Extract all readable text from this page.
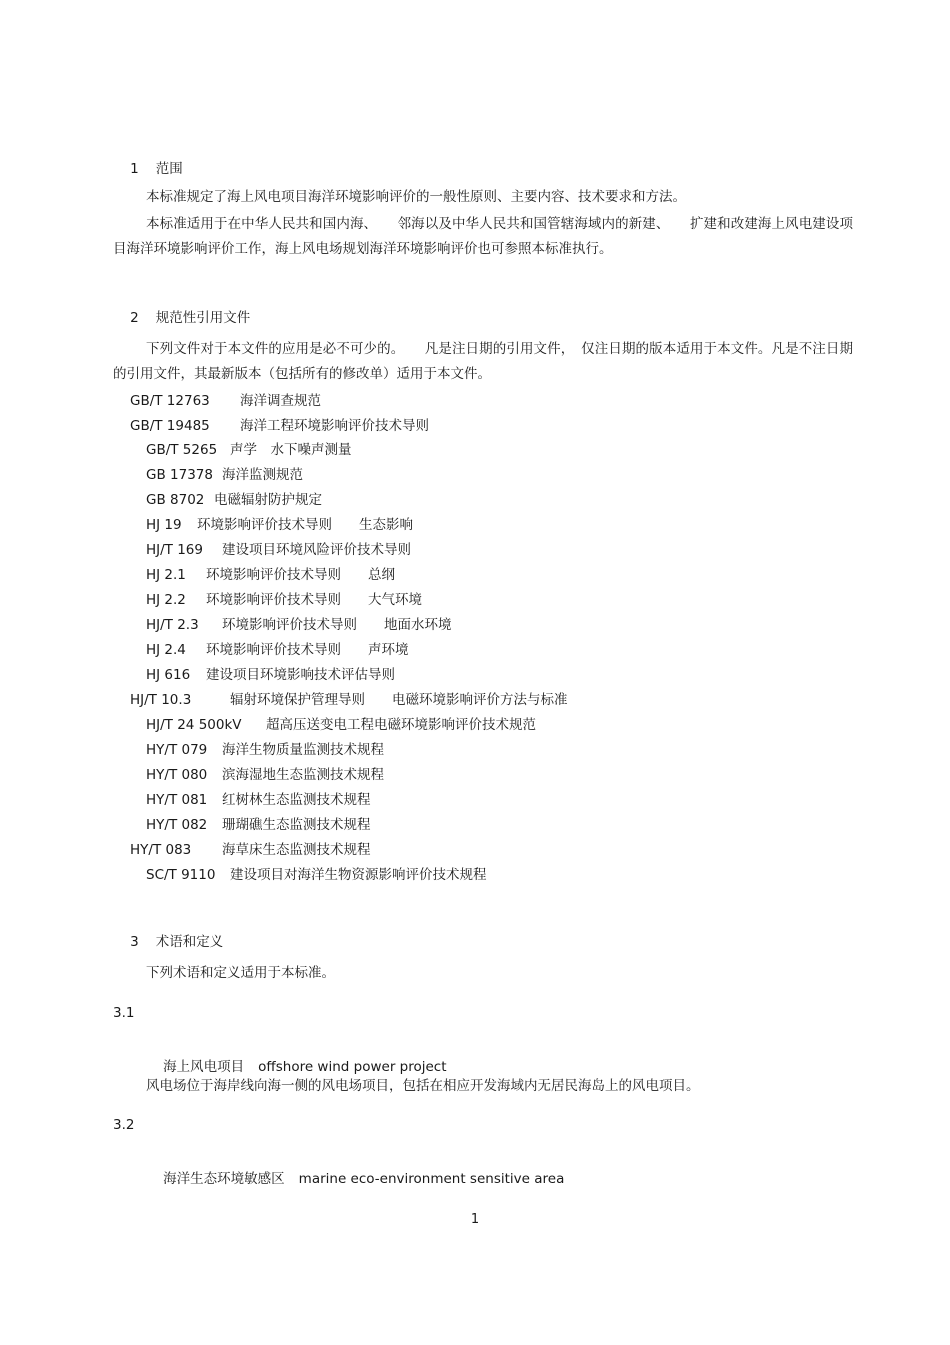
1 范围

本标准规定了海上风电项目海洋环境影响评价的一般性原则、主要内容、技术要求和方法。
本标准适用于在中华人民共和国内海、　　邻海以及中华人民共和国管辖海域内的新建、　　扩建和改建海上风电建设项目海洋环境影响评价工作，海上风电场规划海洋环境影响评价也可参照本标准执行。

2 规范性引用文件

下列文件对于本文件的应用是必不可少的。　　凡是注日期的引用文件，　仅注日期的版本适用于本文件。凡是不注日期的引用文件，其最新版本（包括所有的修改单）适用于本文件。
GB/T 12763 海洋调查规范
GB/T 19485 海洋工程环境影响评价技术导则
GB/T 5265 声学　水下噪声测量
GB 17378 海洋监测规范
GB 8702 电磁辐射防护规定
HJ 19 环境影响评价技术导则　　生态影响
HJ/T 169 建设项目环境风险评价技术导则
HJ 2.1 环境影响评价技术导则　　总纲
HJ 2.2 环境影响评价技术导则　　大气环境
HJ/T 2.3 环境影响评价技术导则　　地面水环境
HJ 2.4 环境影响评价技术导则　　声环境
HJ 616 建设项目环境影响技术评估导则
HJ/T 10.3	辐射环境保护管理导则　　电磁环境影响评价方法与标准
HJ/T 24 500kV 超高压送变电工程电磁环境影响评价技术规范
HY/T 079 海洋生物质量监测技术规程
HY/T 080 滨海湿地生态监测技术规程
HY/T 081 红树林生态监测技术规程
HY/T 082 珊瑚礁生态监测技术规程
HY/T 083 海草床生态监测技术规程
SC/T 9110 建设项目对海洋生物资源影响评价技术规程

3 术语和定义

下列术语和定义适用于本标准。
3.1

海上风电项目 offshore wind power project

风电场位于海岸线向海一侧的风电场项目，包括在相应开发海域内无居民海岛上的风电项目。
3.2

海洋生态环境敏感区 marine eco-environment sensitive area

1
